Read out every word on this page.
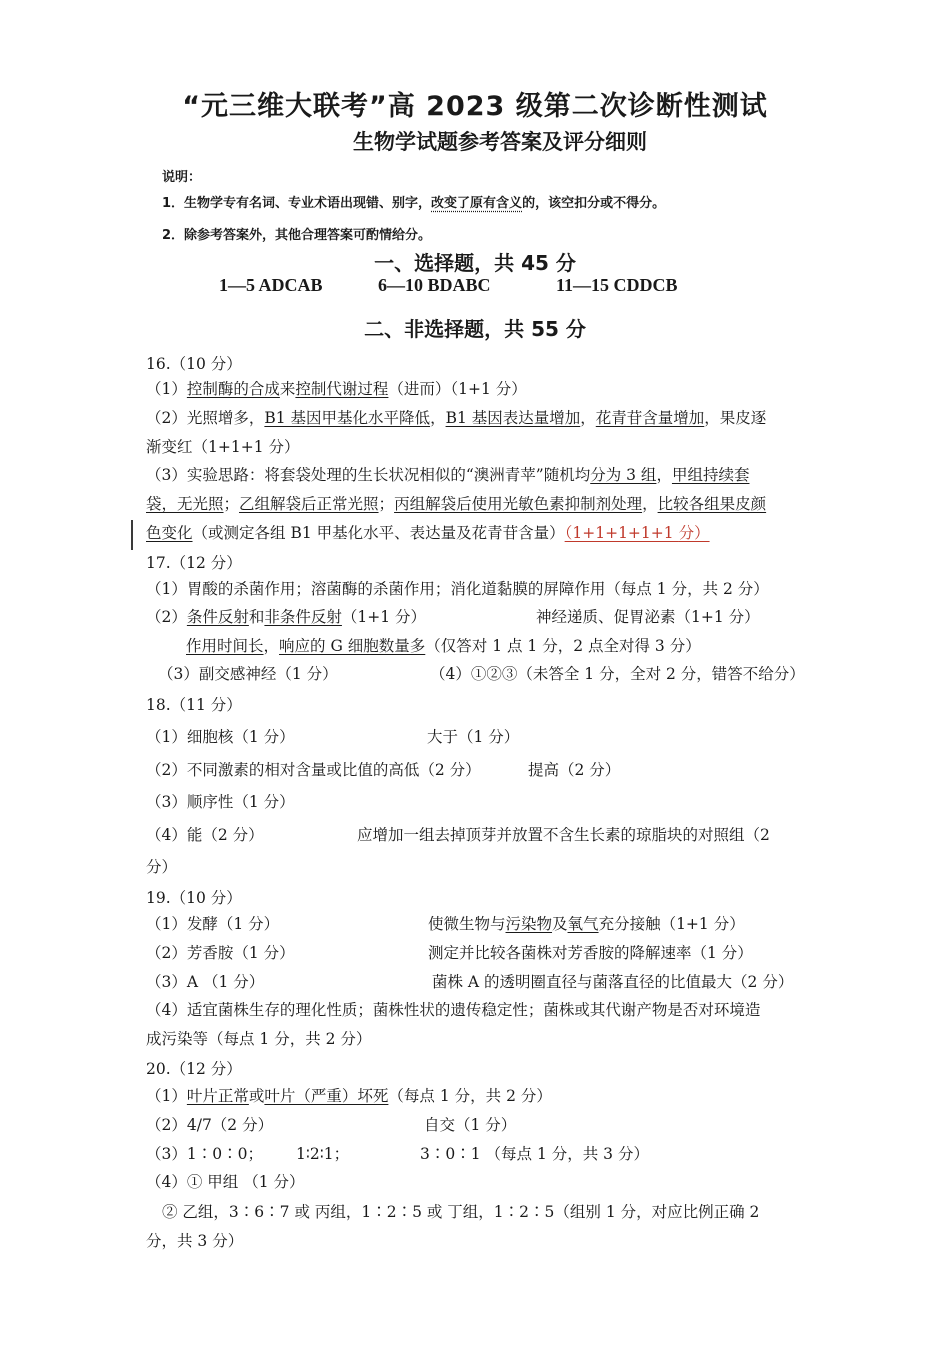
“元三维大联考”高 2023 级第二次诊断性测试
生物学试题参考答案及评分细则
说明：
1．生物学专有名词、专业术语出现错、别字，改变了原有含义的，该空扣分或不得分。
2．除参考答案外，其他合理答案可酌情给分。
一、选择题，共 45 分
1—5 ADCAB	6—10 BDABC	11—15 CDDCB
二、非选择题，共 55 分
16.（10 分）
（1）控制酶的合成来控制代谢过程（进而）（1+1 分）
（2）光照增多，B1 基因甲基化水平降低，B1 基因表达量增加，花青苷含量增加，果皮逐
渐变红（1+1+1 分）
（3）实验思路：将套袋处理的生长状况相似的“澳洲青苹”随机均分为 3 组，甲组持续套
袋，无光照；乙组解袋后正常光照；丙组解袋后使用光敏色素抑制剂处理，比较各组果皮颜
色变化（或测定各组 B1 甲基化水平、表达量及花青苷含量）（1+1+1+1+1 分）
17.（12 分）
（1）胃酸的杀菌作用；溶菌酶的杀菌作用；消化道黏膜的屏障作用（每点 1 分，共 2 分）
（2）条件反射和非条件反射（1+1 分）	神经递质、促胃泌素（1+1 分）
作用时间长，响应的 G 细胞数量多（仅答对 1 点 1 分，2 点全对得 3 分）
（3）副交感神经（1 分）	（4）①②③（未答全 1 分，全对 2 分，错答不给分）
18.（11 分）
（1）细胞核（1 分）	大于（1 分）
（2）不同激素的相对含量或比值的高低（2 分）	提高（2 分）
（3）顺序性（1 分）
（4）能（2 分）	应增加一组去掉顶芽并放置不含生长素的琼脂块的对照组（2
分）
19.（10 分）
（1）发酵（1 分）	使微生物与污染物及氧气充分接触（1+1 分）
（2）芳香胺（1 分）	测定并比较各菌株对芳香胺的降解速率（1 分）
（3）A （1 分）	菌株 A 的透明圈直径与菌落直径的比值最大（2 分）
（4）适宜菌株生存的理化性质；菌株性状的遗传稳定性；菌株或其代谢产物是否对环境造
成污染等（每点 1 分，共 2 分）
20.（12 分）
（1）叶片正常或叶片（严重）坏死（每点 1 分，共 2 分）
（2）4/7（2 分）	自交（1 分）
（3）1∶0∶0； 1∶2∶1；	3∶0∶1 （每点 1 分，共 3 分）
（4）① 甲组 （1 分）
② 乙组，3∶6∶7 或 丙组，1∶2∶5 或 丁组，1∶2∶5（组别 1 分，对应比例正确 2
分，共 3 分）
